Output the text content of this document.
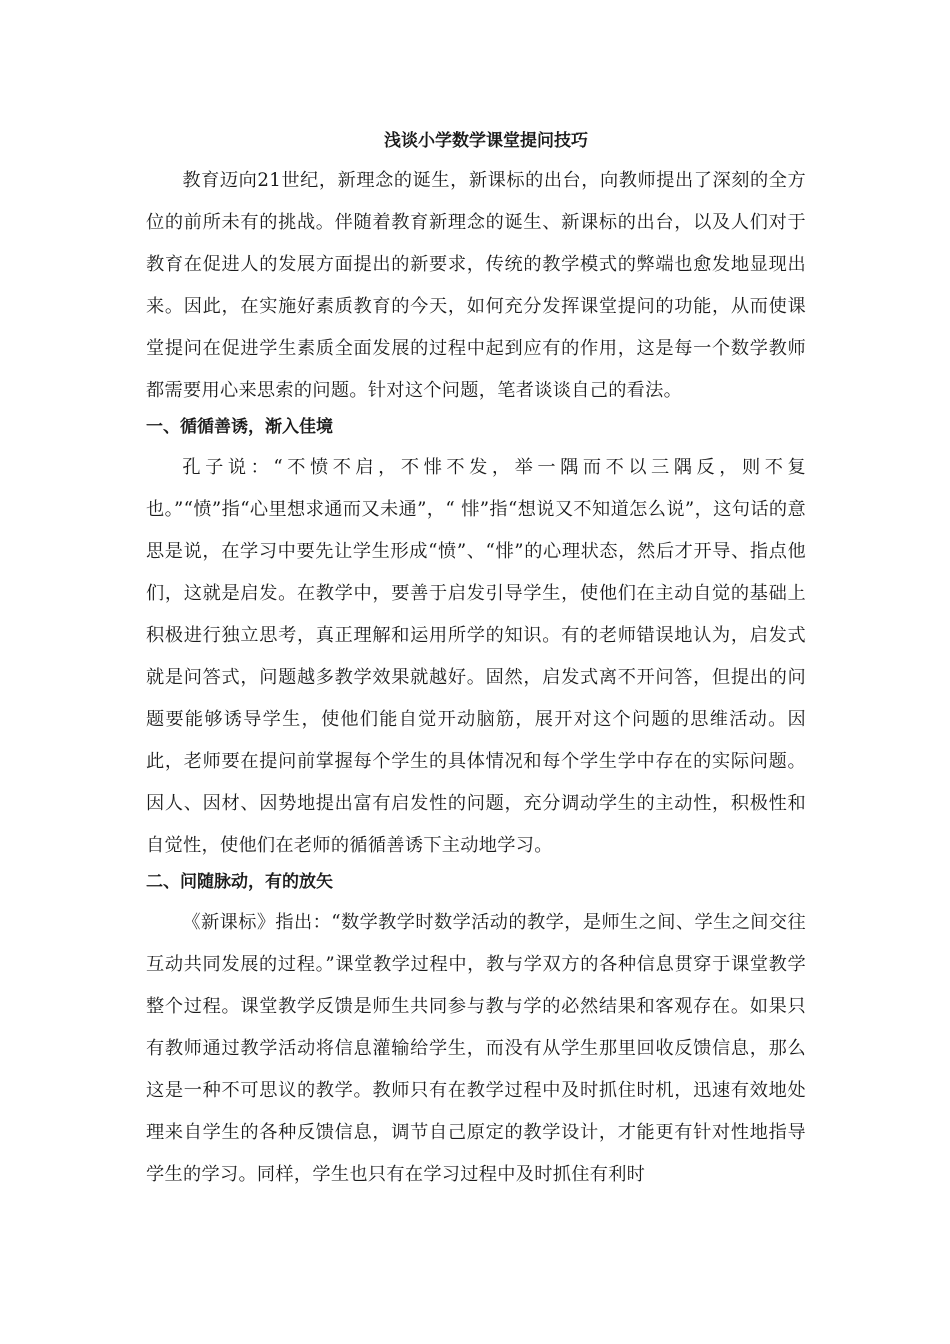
浅谈小学数学课堂提问技巧

教育迈向21世纪，新理念的诞生，新课标的出台，向教师提出了深刻的全方位的前所未有的挑战。伴随着教育新理念的诞生、新课标的出台，以及人们对于教育在促进人的发展方面提出的新要求，传统的教学模式的弊端也愈发地显现出来。因此，在实施好素质教育的今天，如何充分发挥课堂提问的功能，从而使课堂提问在促进学生素质全面发展的过程中起到应有的作用，这是每一个数学教师都需要用心来思索的问题。针对这个问题，笔者谈谈自己的看法。

一、循循善诱，渐入佳境

孔子说：“不愤不启，不悱不发，举一隅而不以三隅反，则不复也。”“愤”指“心里想求通而又未通”，“ 悱”指“想说又不知道怎么说”，这句话的意思是说，在学习中要先让学生形成“愤”、“悱”的心理状态，然后才开导、指点他们，这就是启发。在教学中，要善于启发引导学生，使他们在主动自觉的基础上积极进行独立思考，真正理解和运用所学的知识。有的老师错误地认为，启发式就是问答式，问题越多教学效果就越好。固然，启发式离不开问答，但提出的问题要能够诱导学生，使他们能自觉开动脑筋，展开对这个问题的思维活动。因此，老师要在提问前掌握每个学生的具体情况和每个学生学中存在的实际问题。因人、因材、因势地提出富有启发性的问题，充分调动学生的主动性，积极性和自觉性，使他们在老师的循循善诱下主动地学习。

二、问随脉动，有的放矢

《新课标》指出：“数学教学时数学活动的教学，是师生之间、学生之间交往互动共同发展的过程。”课堂教学过程中，教与学双方的各种信息贯穿于课堂教学整个过程。课堂教学反馈是师生共同参与教与学的必然结果和客观存在。如果只有教师通过教学活动将信息灌输给学生，而没有从学生那里回收反馈信息，那么这是一种不可思议的教学。教师只有在教学过程中及时抓住时机，迅速有效地处理来自学生的各种反馈信息，调节自己原定的教学设计，才能更有针对性地指导学生的学习。同样，学生也只有在学习过程中及时抓住有利时
